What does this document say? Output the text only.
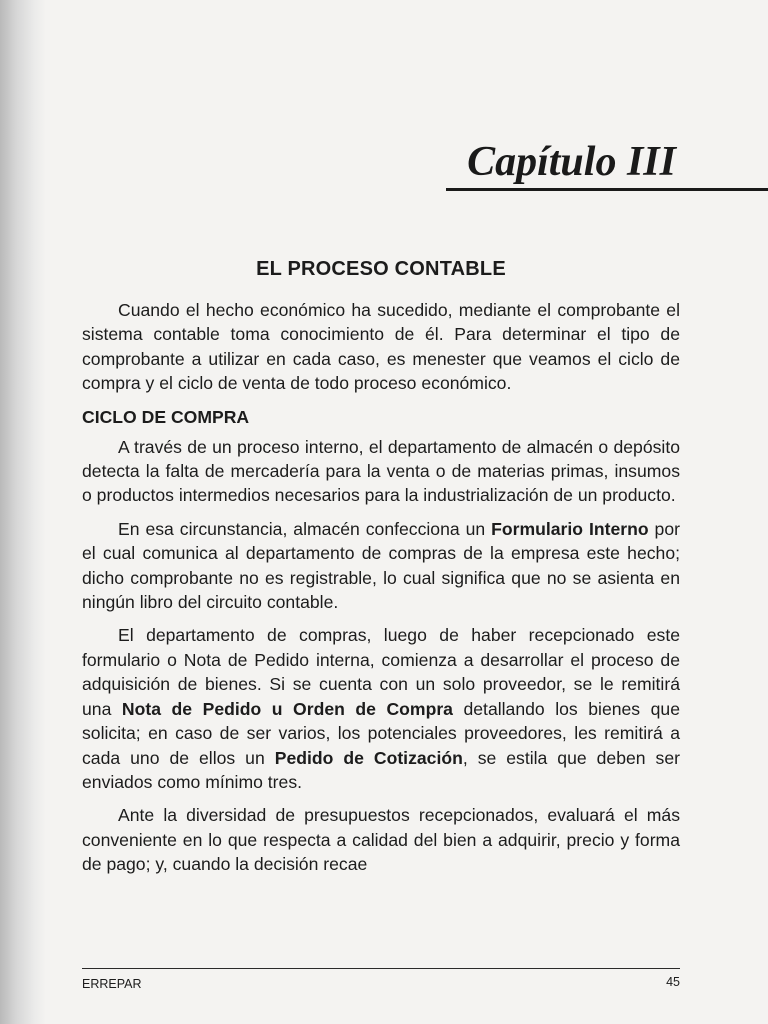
Capítulo III
EL PROCESO CONTABLE

Cuando el hecho económico ha sucedido, mediante el comprobante el sistema contable toma conocimiento de él. Para determinar el tipo de comprobante a utilizar en cada caso, es menester que veamos el ciclo de compra y el ciclo de venta de todo proceso económico.

CICLO DE COMPRA

A través de un proceso interno, el departamento de almacén o depósito detecta la falta de mercadería para la venta o de materias primas, insumos o productos intermedios necesarios para la industrialización de un producto.

En esa circunstancia, almacén confecciona un Formulario Interno por el cual comunica al departamento de compras de la empresa este hecho; dicho comprobante no es registrable, lo cual significa que no se asienta en ningún libro del circuito contable.

El departamento de compras, luego de haber recepcionado este formulario o Nota de Pedido interna, comienza a desarrollar el proceso de adquisición de bienes. Si se cuenta con un solo proveedor, se le remitirá una Nota de Pedido u Orden de Compra detallando los bienes que solicita; en caso de ser varios, los potenciales proveedores, les remitirá a cada uno de ellos un Pedido de Cotización, se estila que deben ser enviados como mínimo tres.

Ante la diversidad de presupuestos recepcionados, evaluará el más conveniente en lo que respecta a calidad del bien a adquirir, precio y forma de pago; y, cuando la decisión recae

ERREPAR	45
